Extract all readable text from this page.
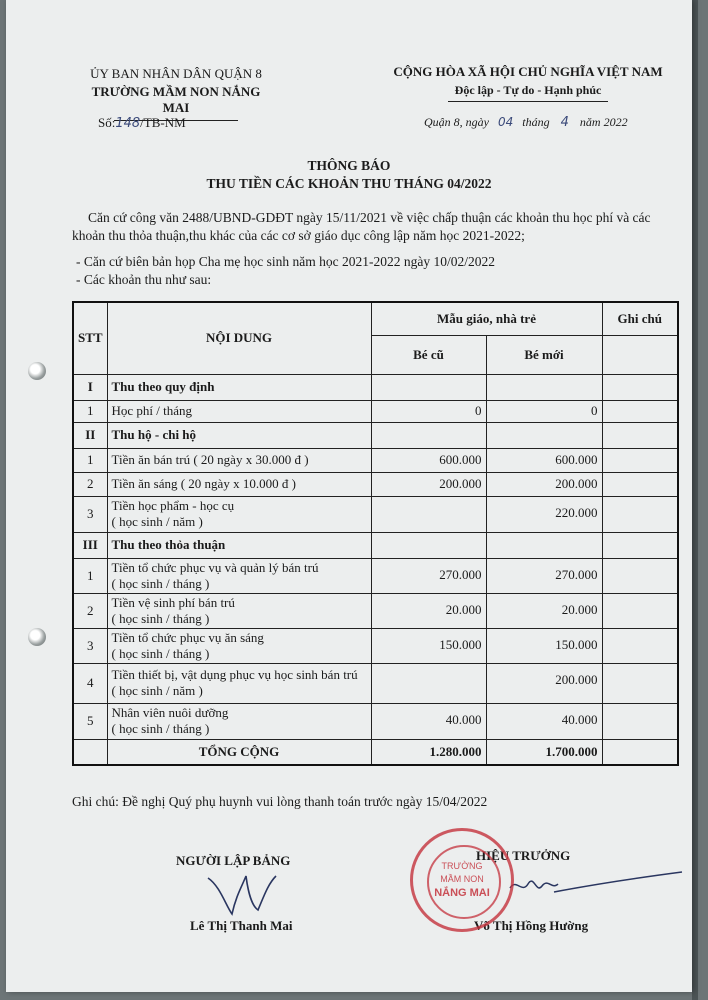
ỦY BAN NHÂN DÂN QUẬN 8
TRƯỜNG MẦM NON NẮNG MAI
Số:148/TB-NM
CỘNG HÒA XÃ HỘI CHỦ NGHĨA VIỆT NAM
Độc lập - Tự do - Hạnh phúc
Quận 8, ngày 04 tháng 4 năm 2022
THÔNG BÁO
THU TIỀN CÁC KHOẢN THU THÁNG 04/2022
Căn cứ công văn 2488/UBND-GDĐT ngày 15/11/2021 về việc chấp thuận các khoản thu học phí và các
khoản thu thỏa thuận,thu khác của các cơ sở giáo dục công lập năm học 2021-2022;
- Căn cứ biên bản họp Cha mẹ học sinh năm học 2021-2022 ngày 10/02/2022
- Các khoản thu như sau:
STT	NỘI DUNG	Mẫu giáo, nhà trẻ		Ghi chú
		Bé cũ	Bé mới	
I	Thu theo quy định			

1	Học phí / tháng	0	0	
II	Thu hộ - chi hộ			

1	Tiền ăn bán trú ( 20 ngày x 30.000 đ )	600.000	600.000	
2	Tiền ăn sáng ( 20 ngày x 10.000 đ )	200.000	200.000	
3	Tiền học phẩm - học cụ
( học sinh / năm )		220.000	
III	Thu theo thỏa thuận			

1	Tiền tổ chức phục vụ và quản lý bán trú
( học sinh / tháng )	270.000	270.000	
2	Tiền vệ sinh phí bán trú
( học sinh / tháng )	20.000	20.000	
3	Tiền tổ chức phục vụ ăn sáng
( học sinh / tháng )	150.000	150.000	
4	Tiền thiết bị, vật dụng phục vụ học sinh bán trú
( học sinh / năm )		200.000	
5	Nhân viên nuôi dưỡng
( học sinh / tháng )	40.000	40.000	
	TỔNG CỘNG	1.280.000	1.700.000	
Ghi chú: Đề nghị Quý phụ huynh vui lòng thanh toán trước ngày 15/04/2022
NGƯỜI LẬP BẢNG
Lê Thị Thanh Mai
HIỆU TRƯỞNG
Võ Thị Hồng Hường
TRƯỜNG
MẦM NON
NẮNG MAI
